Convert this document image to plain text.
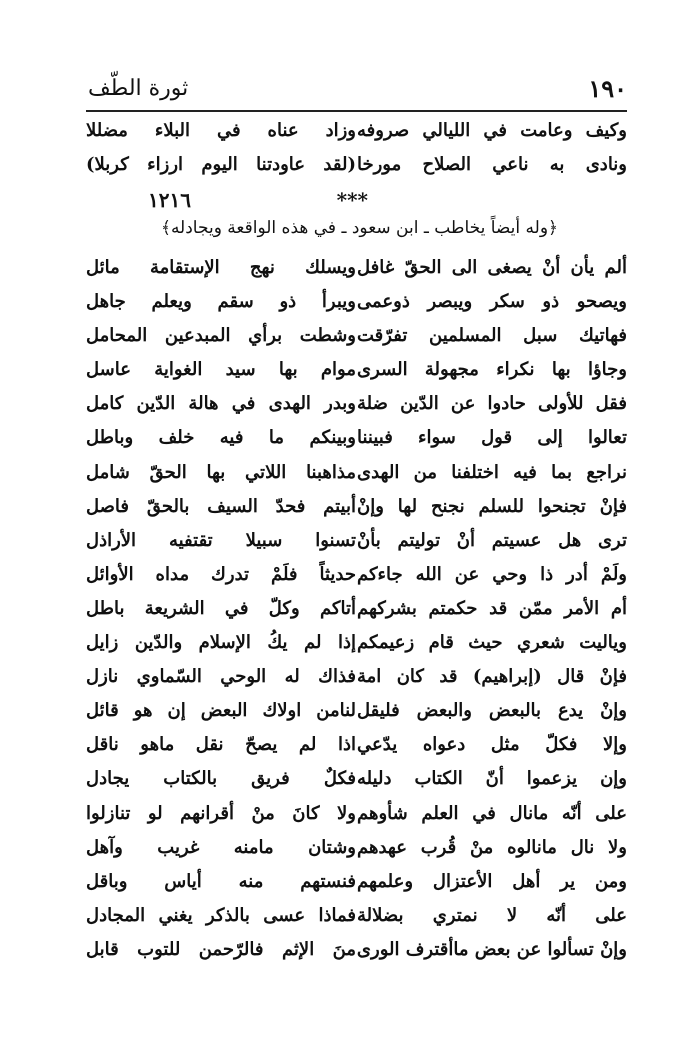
١٩٠
ثورة الطّف
وكيف وعامت في الليالي صروفه
ونادى به ناعي الصلاح مورخا
وزاد عناه في البلاء مضللا
(لقد عاودتنا اليوم ارزاء كربلا)
***
١٢١٦
﴿وله أيضاً يخاطب ـ ابن سعود ـ في هذه الواقعة ويجادله﴾
ألم يأن أنْ يصغى الى الحقّ غافل
ويصحو ذو سكر ويبصر ذوعمى
فهاتيك سبل المسلمين تفرّقت
وجاؤا بها نكراء مجهولة السرى
فقل للأولى حادوا عن الدّين ضلة
تعالوا إلى قول سواء فبيننا
نراجع بما فيه اختلفنا من الهدى
فإنْ تجنحوا للسلم نجنح لها وإنْ
ترى هل عسيتم أنْ توليتم بأنْ
ولَمْ أدر ذا وحي عن الله جاءكم
أم الأمر ممّن قد حكمتم بشركهم
وياليت شعري حيث قام زعيمكم
فإنْ قال (إبراهيم) قد كان امة
وإنْ يدع بالبعض والبعض فليقل
وإلا فكلّ مثل دعواه يدّعي
وإن يزعموا أنّ الكتاب دليله
على أنّه مانال في العلم شأوهم
ولا نال مانالوه منْ قُرب عهدهم
ومن ير أهل الأعتزال وعلمهم
على أنّه لا نمتري بضلالة
وإنْ تسألوا عن بعض ماأقترف الورى
ويسلك نهج الإستقامة مائل
ويبرأ ذو سقم ويعلم جاهل
وشطت برأي المبدعين المحامل
موام بها سيد الغواية عاسل
وبدر الهدى في هالة الدّين كامل
وبينكم ما فيه خلف وباطل
مذاهبنا اللاتي بها الحقّ شامل
أبيتم فحدّ السيف بالحقّ فاصل
تسنوا سبيلا تقتفيه الأراذل
حديثاً فلَمْ تدرك مداه الأوائل
أتاكم وكلّ في الشريعة باطل
إذا لم يكُ الإسلام والدّين زايل
فذاك له الوحي السّماوي نازل
لنامن اولاك البعض إن هو قائل
اذا لم يصحّ نقل ماهو ناقل
فكلٌ فريق بالكتاب يجادل
ولا كانَ منْ أقرانهم لو تنازلوا
وشتان مامنه غريب وآهل
فنستهم منه أياس وباقل
فماذا عسى بالذكر يغني المجادل
منَ الإثم فالرّحمن للتوب قابل
